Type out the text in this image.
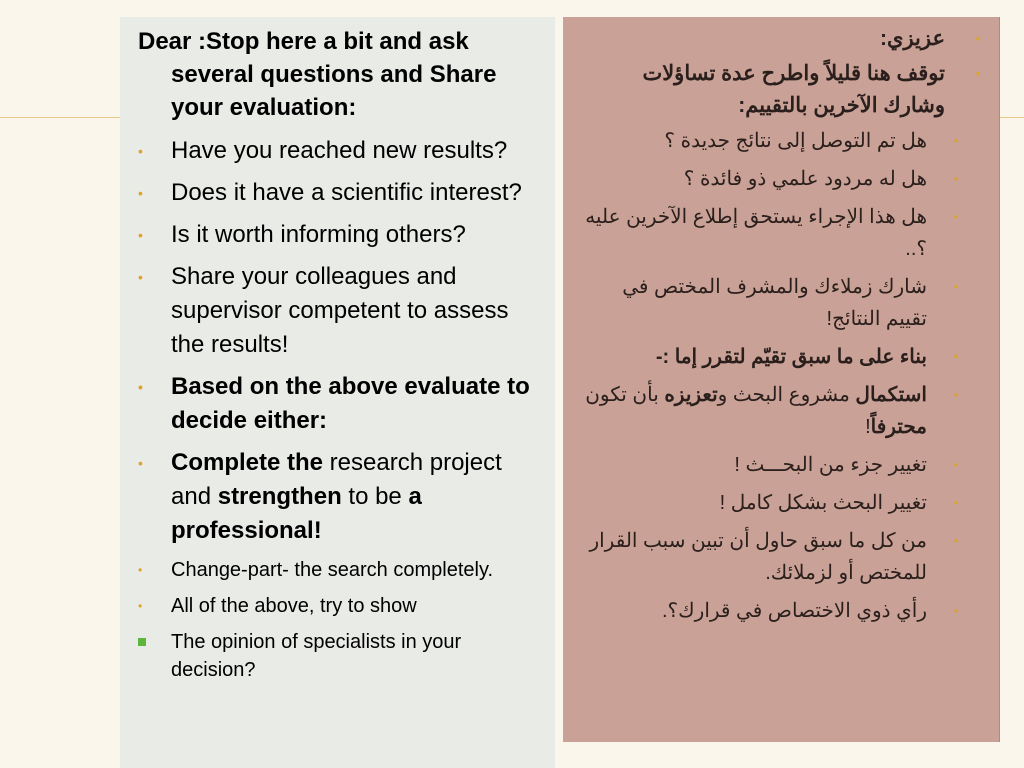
Dear :Stop here a bit and ask several questions and Share your evaluation:

•	Have you reached new results?
•	Does it have a scientific interest?
•	Is it worth informing others?
•	Share your colleagues and supervisor competent to assess the results!
•	Based on the above evaluate to decide either:
•	Complete the research project and strengthen to be a professional!
•	Change-part- the search completely.
•	All of the above, try to show
The opinion of specialists in your decision?
•
عزيزي:
•
توقف هنا قليلاً واطرح عدة تساؤلات وشارك الآخرين بالتقييم:
•
هل تم التوصل إلى نتائج جديدة ؟
•
هل له مردود علمي ذو فائدة ؟
•
هل هذا الإجراء يستحق إطلاع الآخرين عليه ؟..
•
شارك زملاءك والمشرف المختص في تقييم النتائج!
•
بناء على ما سبق تقيّم لتقرر إما :-
•
استكمال مشروع البحث وتعزيزه بأن تكون محترفاً!
•
تغيير جزء من البحـــث !
•
تغيير البحث بشكل كامل !
•
من كل ما سبق حاول أن تبين سبب القرار للمختص أو لزملائك.
•
رأي ذوي الاختصاص في قرارك؟.
